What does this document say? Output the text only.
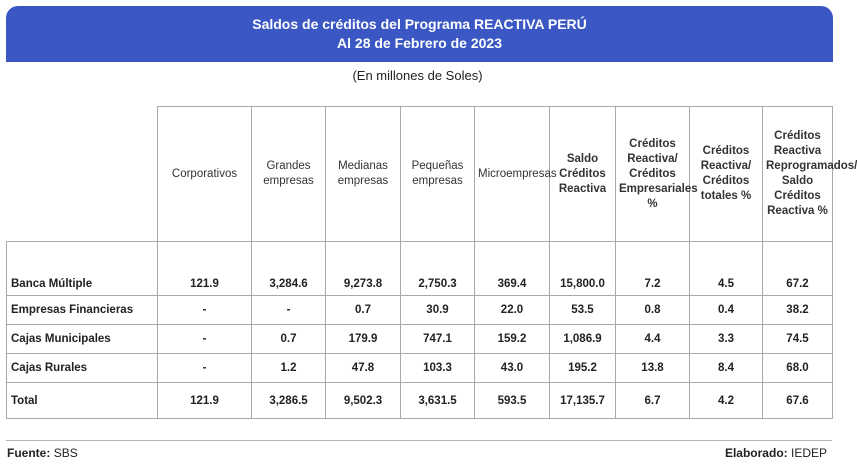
Saldos de créditos del Programa REACTIVA PERÚ
Al 28 de Febrero de 2023
(En millones de Soles)
	Corporativos	Grandes empresas	Medianas empresas	Pequeñas empresas	Microempresas	Saldo Créditos Reactiva	Créditos Reactiva/ Créditos Empresariales %	Créditos Reactiva/ Créditos totales %	Créditos Reactiva Reprogramados/ Saldo Créditos Reactiva %
Banca Múltiple	121.9	3,284.6	9,273.8	2,750.3	369.4	15,800.0	7.2	4.5	67.2
Empresas Financieras	-	-	0.7	30.9	22.0	53.5	0.8	0.4	38.2
Cajas Municipales	-	0.7	179.9	747.1	159.2	1,086.9	4.4	3.3	74.5
Cajas Rurales	-	1.2	47.8	103.3	43.0	195.2	13.8	8.4	68.0
Total	121.9	3,286.5	9,502.3	3,631.5	593.5	17,135.7	6.7	4.2	67.6
Fuente: SBS	Elaborado: IEDEP
